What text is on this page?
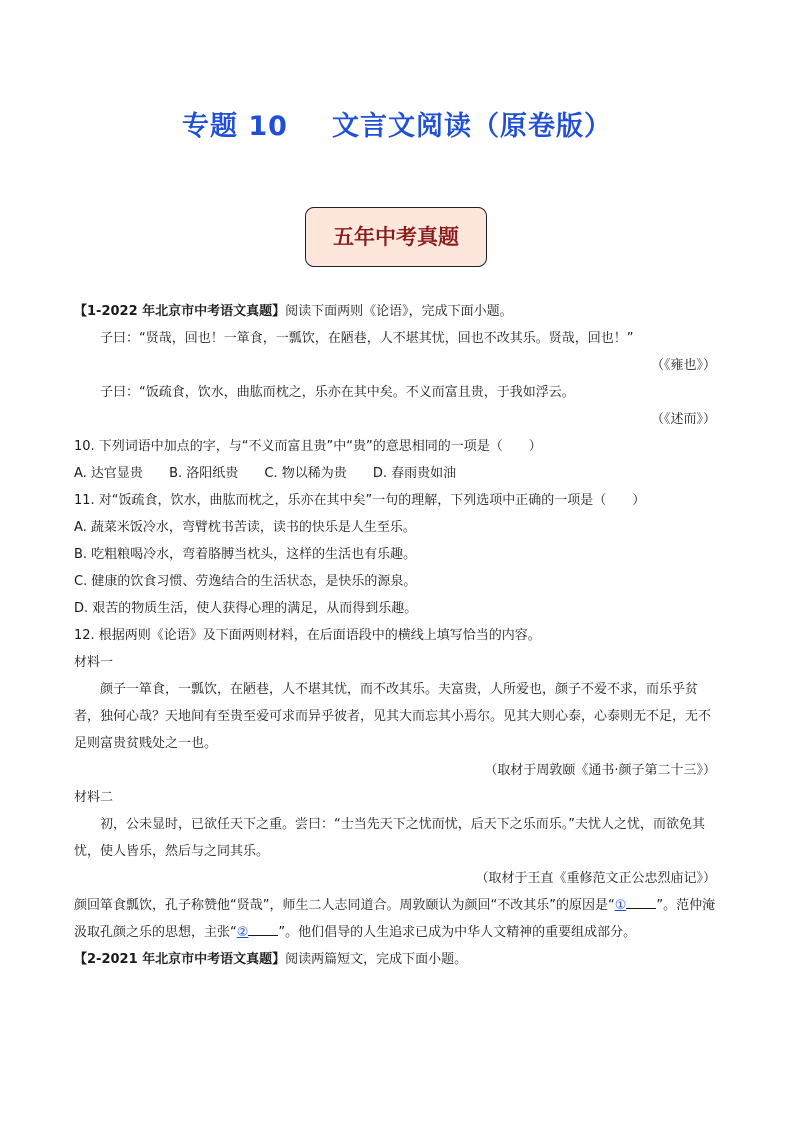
专题 10 文言文阅读（原卷版）
五年中考真题
【1-2022 年北京市中考语文真题】阅读下面两则《论语》，完成下面小题。
子曰：“贤哉，回也！一箪食，一瓢饮，在陋巷，人不堪其忧，回也不改其乐。贤哉，回也！”
（《雍也》）
子曰：“饭疏食，饮水，曲肱而枕之，乐亦在其中矣。不义而富且贵，于我如浮云。
（《述而》）
10. 下列词语中加点的字，与“不义而富且贵”中“贵”的意思相同的一项是（　　）
A. 达官显贵 B. 洛阳纸贵 C. 物以稀为贵 D. 春雨贵如油
11. 对“饭疏食，饮水，曲肱而枕之，乐亦在其中矣”一句的理解，下列选项中正确的一项是（　　）
A. 蔬菜米饭冷水，弯臂枕书苦读，读书的快乐是人生至乐。
B. 吃粗粮喝冷水，弯着胳膊当枕头，这样的生活也有乐趣。
C. 健康的饮食习惯、劳逸结合的生活状态，是快乐的源泉。
D. 艰苦的物质生活，使人获得心理的满足，从而得到乐趣。
12. 根据两则《论语》及下面两则材料，在后面语段中的横线上填写恰当的内容。
材料一
颜子一箪食，一瓢饮，在陋巷，人不堪其忧，而不改其乐。夫富贵，人所爱也，颜子不爱不求，而乐乎贫者，独何心哉？天地间有至贵至爱可求而异乎彼者，见其大而忘其小焉尔。见其大则心泰，心泰则无不足，无不足则富贵贫贱处之一也。
（取材于周敦颐《通书·颜子第二十三》）
材料二
初，公未显时，已欲任天下之重。尝曰：“士当先天下之忧而忧，后天下之乐而乐。”夫忧人之忧，而欲免其忧，使人皆乐，然后与之同其乐。
（取材于王直《重修范文正公忠烈庙记》）
颜回箪食瓢饮，孔子称赞他“贤哉”，师生二人志同道合。周敦颐认为颜回“不改其乐”的原因是“① ”。范仲淹汲取孔颜之乐的思想，主张“② ”。他们倡导的人生追求已成为中华人文精神的重要组成部分。
【2-2021 年北京市中考语文真题】阅读两篇短文，完成下面小题。
